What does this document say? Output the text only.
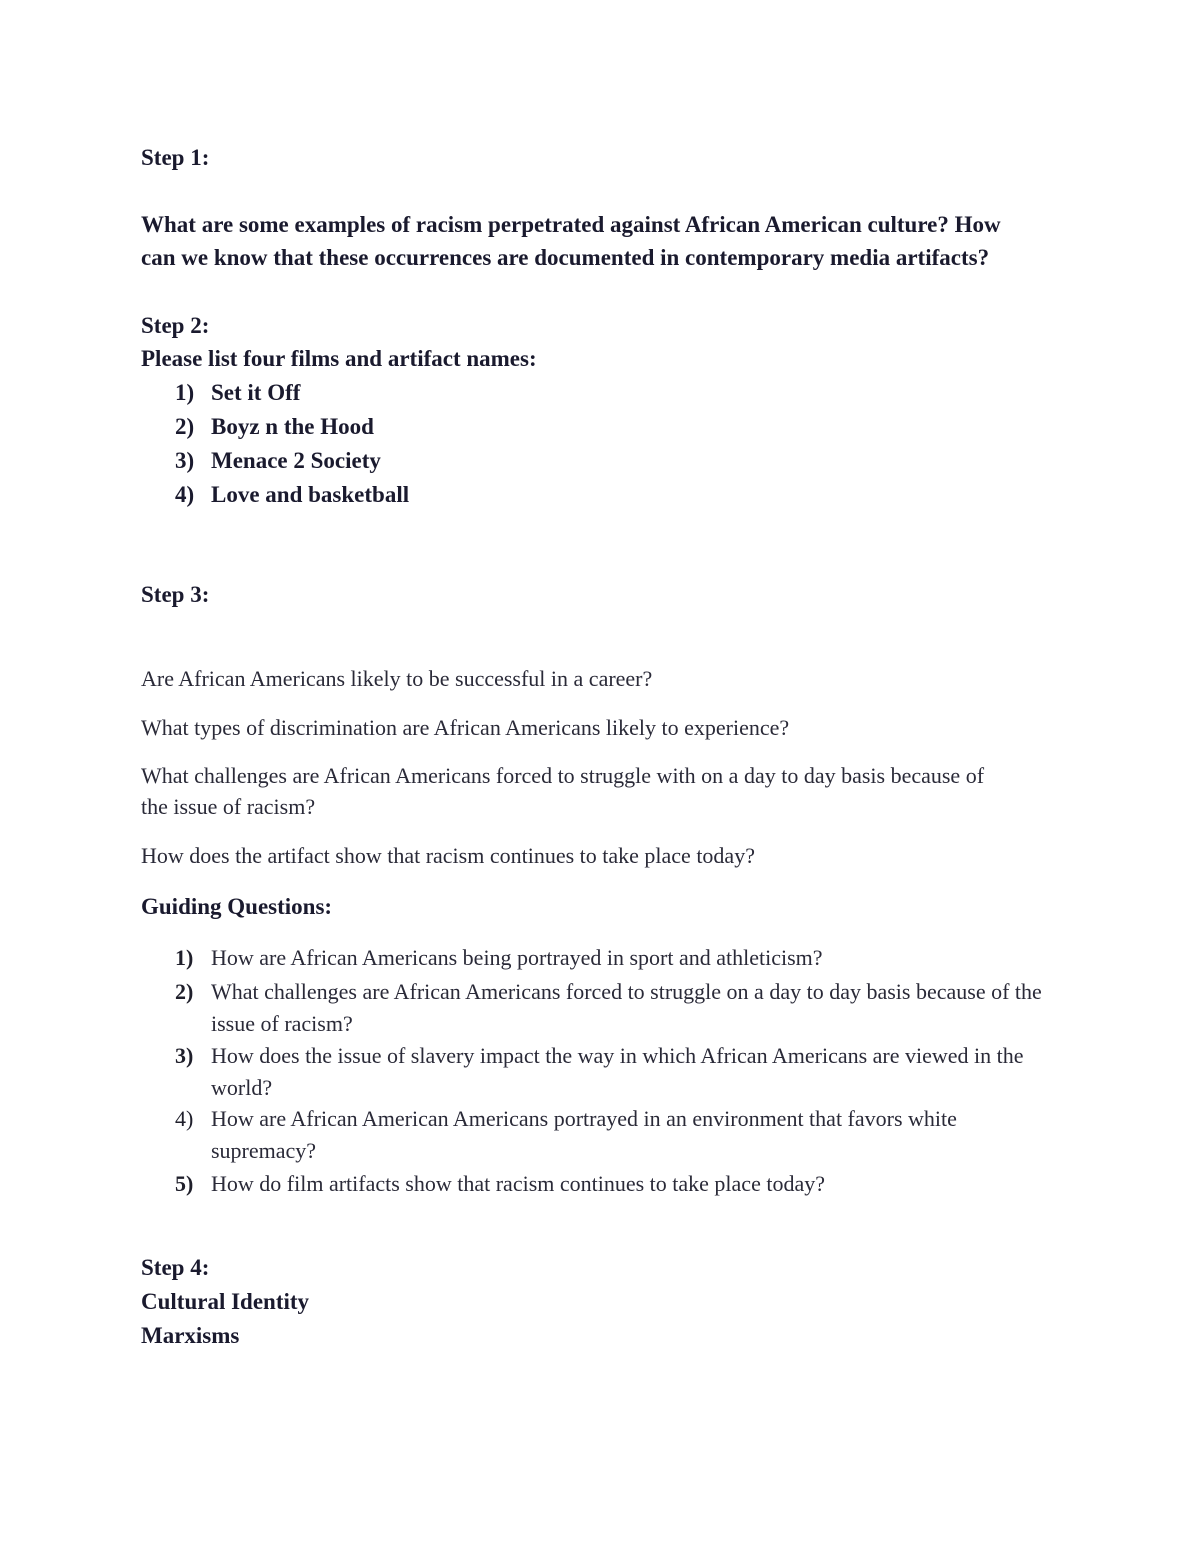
Step 1:
What are some examples of racism perpetrated against African American culture? How
can we know that these occurrences are documented in contemporary media artifacts?
Step 2:
Please list four films and artifact names:
1) Set it Off
2) Boyz n the Hood
3) Menace 2 Society
4) Love and basketball
Step 3:
Are African Americans likely to be successful in a career?
What types of discrimination are African Americans likely to experience?
What challenges are African Americans forced to struggle with on a day to day basis because of
the issue of racism?
How does the artifact show that racism continues to take place today?
Guiding Questions:
1) How are African Americans being portrayed in sport and athleticism?
2) What challenges are African Americans forced to struggle on a day to day basis because of the issue of racism?
3) How does the issue of slavery impact the way in which African Americans are viewed in the world?
4) How are African American Americans portrayed in an environment that favors white supremacy?
5) How do film artifacts show that racism continues to take place today?
Step 4:
Cultural Identity
Marxisms
